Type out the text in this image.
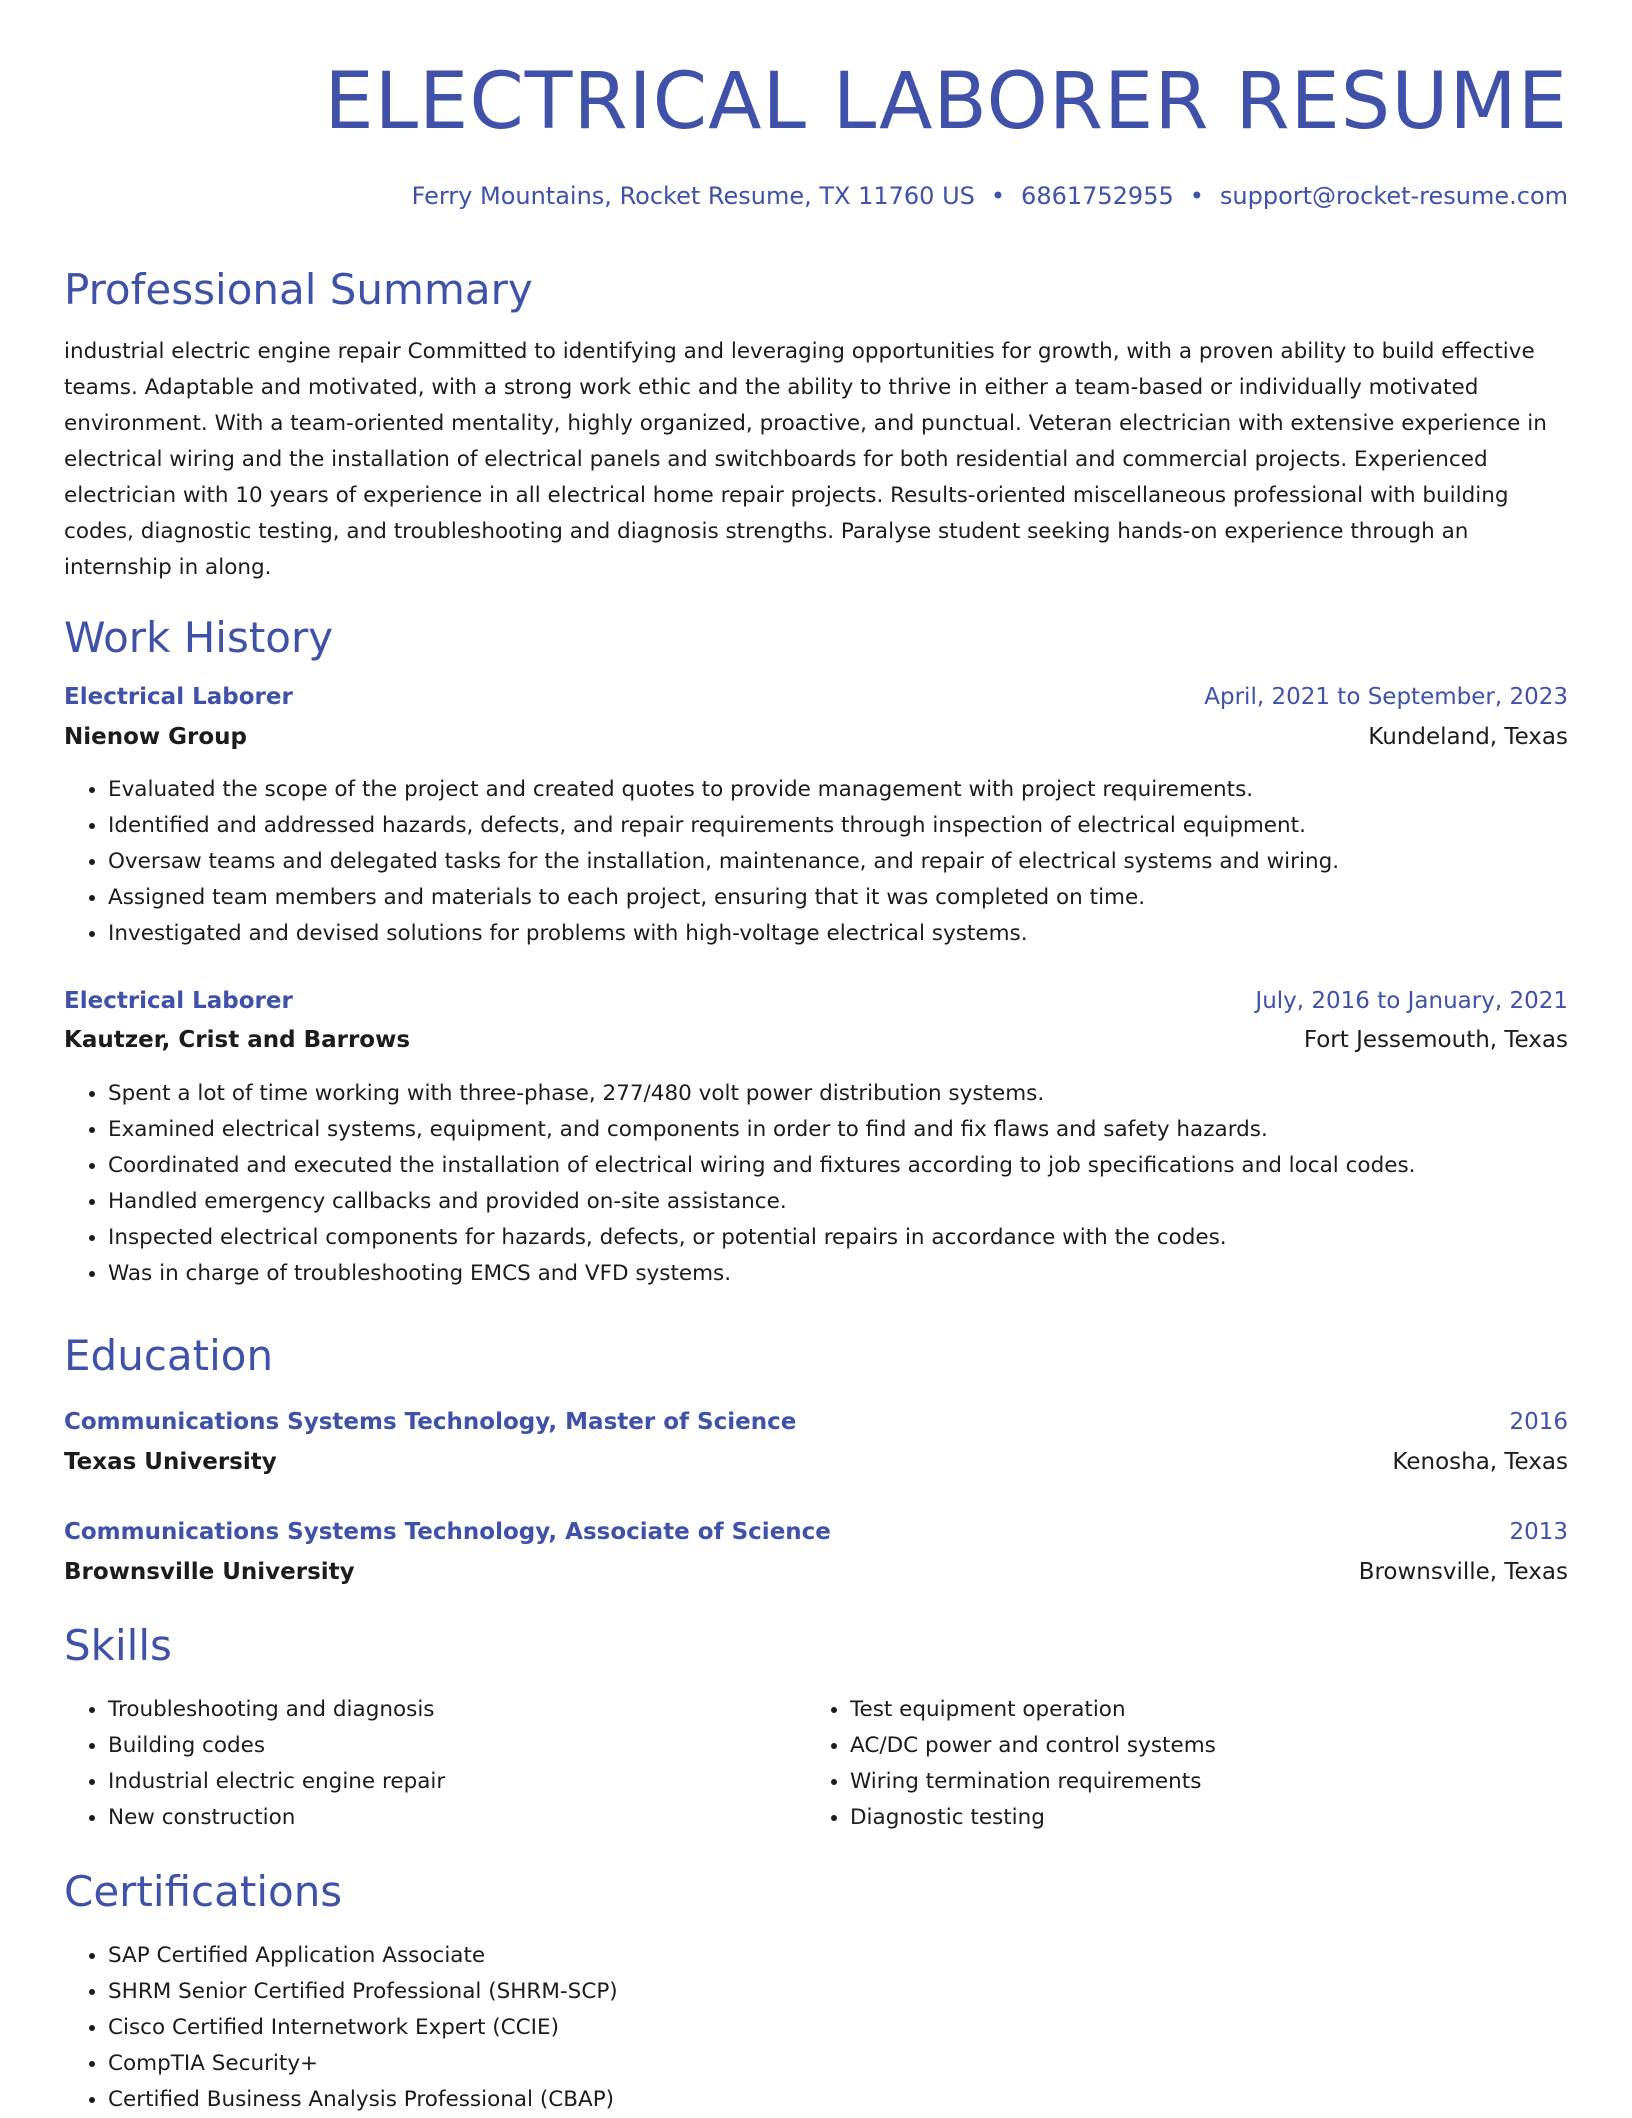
ELECTRICAL LABORER RESUME
Ferry Mountains, Rocket Resume, TX 11760 US • 6861752955 • support@rocket-resume.com
Professional Summary

industrial electric engine repair Committed to identifying and leveraging opportunities for growth, with a proven ability to build effective teams. Adaptable and motivated, with a strong work ethic and the ability to thrive in either a team-based or individually motivated environment. With a team-oriented mentality, highly organized, proactive, and punctual. Veteran electrician with extensive experience in electrical wiring and the installation of electrical panels and switchboards for both residential and commercial projects. Experienced electrician with 10 years of experience in all electrical home repair projects. Results-oriented miscellaneous professional with building codes, diagnostic testing, and troubleshooting and diagnosis strengths. Paralyse student seeking hands-on experience through an internship in along.

Work History
Electrical Laborer	April, 2021 to September, 2023
Nienow Group	Kundeland, Texas
• Evaluated the scope of the project and created quotes to provide management with project requirements.
• Identified and addressed hazards, defects, and repair requirements through inspection of electrical equipment.
• Oversaw teams and delegated tasks for the installation, maintenance, and repair of electrical systems and wiring.
• Assigned team members and materials to each project, ensuring that it was completed on time.
• Investigated and devised solutions for problems with high-voltage electrical systems.
Electrical Laborer	July, 2016 to January, 2021
Kautzer, Crist and Barrows	Fort Jessemouth, Texas
• Spent a lot of time working with three-phase, 277/480 volt power distribution systems.
• Examined electrical systems, equipment, and components in order to find and fix flaws and safety hazards.
• Coordinated and executed the installation of electrical wiring and fixtures according to job specifications and local codes.
• Handled emergency callbacks and provided on-site assistance.
• Inspected electrical components for hazards, defects, or potential repairs in accordance with the codes.
• Was in charge of troubleshooting EMCS and VFD systems.
Education
Communications Systems Technology, Master of Science	2016
Texas University	Kenosha, Texas
Communications Systems Technology, Associate of Science	2013
Brownsville University	Brownsville, Texas
Skills
• Troubleshooting and diagnosis
• Building codes
• Industrial electric engine repair
• New construction
• Test equipment operation
• AC/DC power and control systems
• Wiring termination requirements
• Diagnostic testing
Certifications
• SAP Certified Application Associate
• SHRM Senior Certified Professional (SHRM-SCP)
• Cisco Certified Internetwork Expert (CCIE)
• CompTIA Security+
• Certified Business Analysis Professional (CBAP)
